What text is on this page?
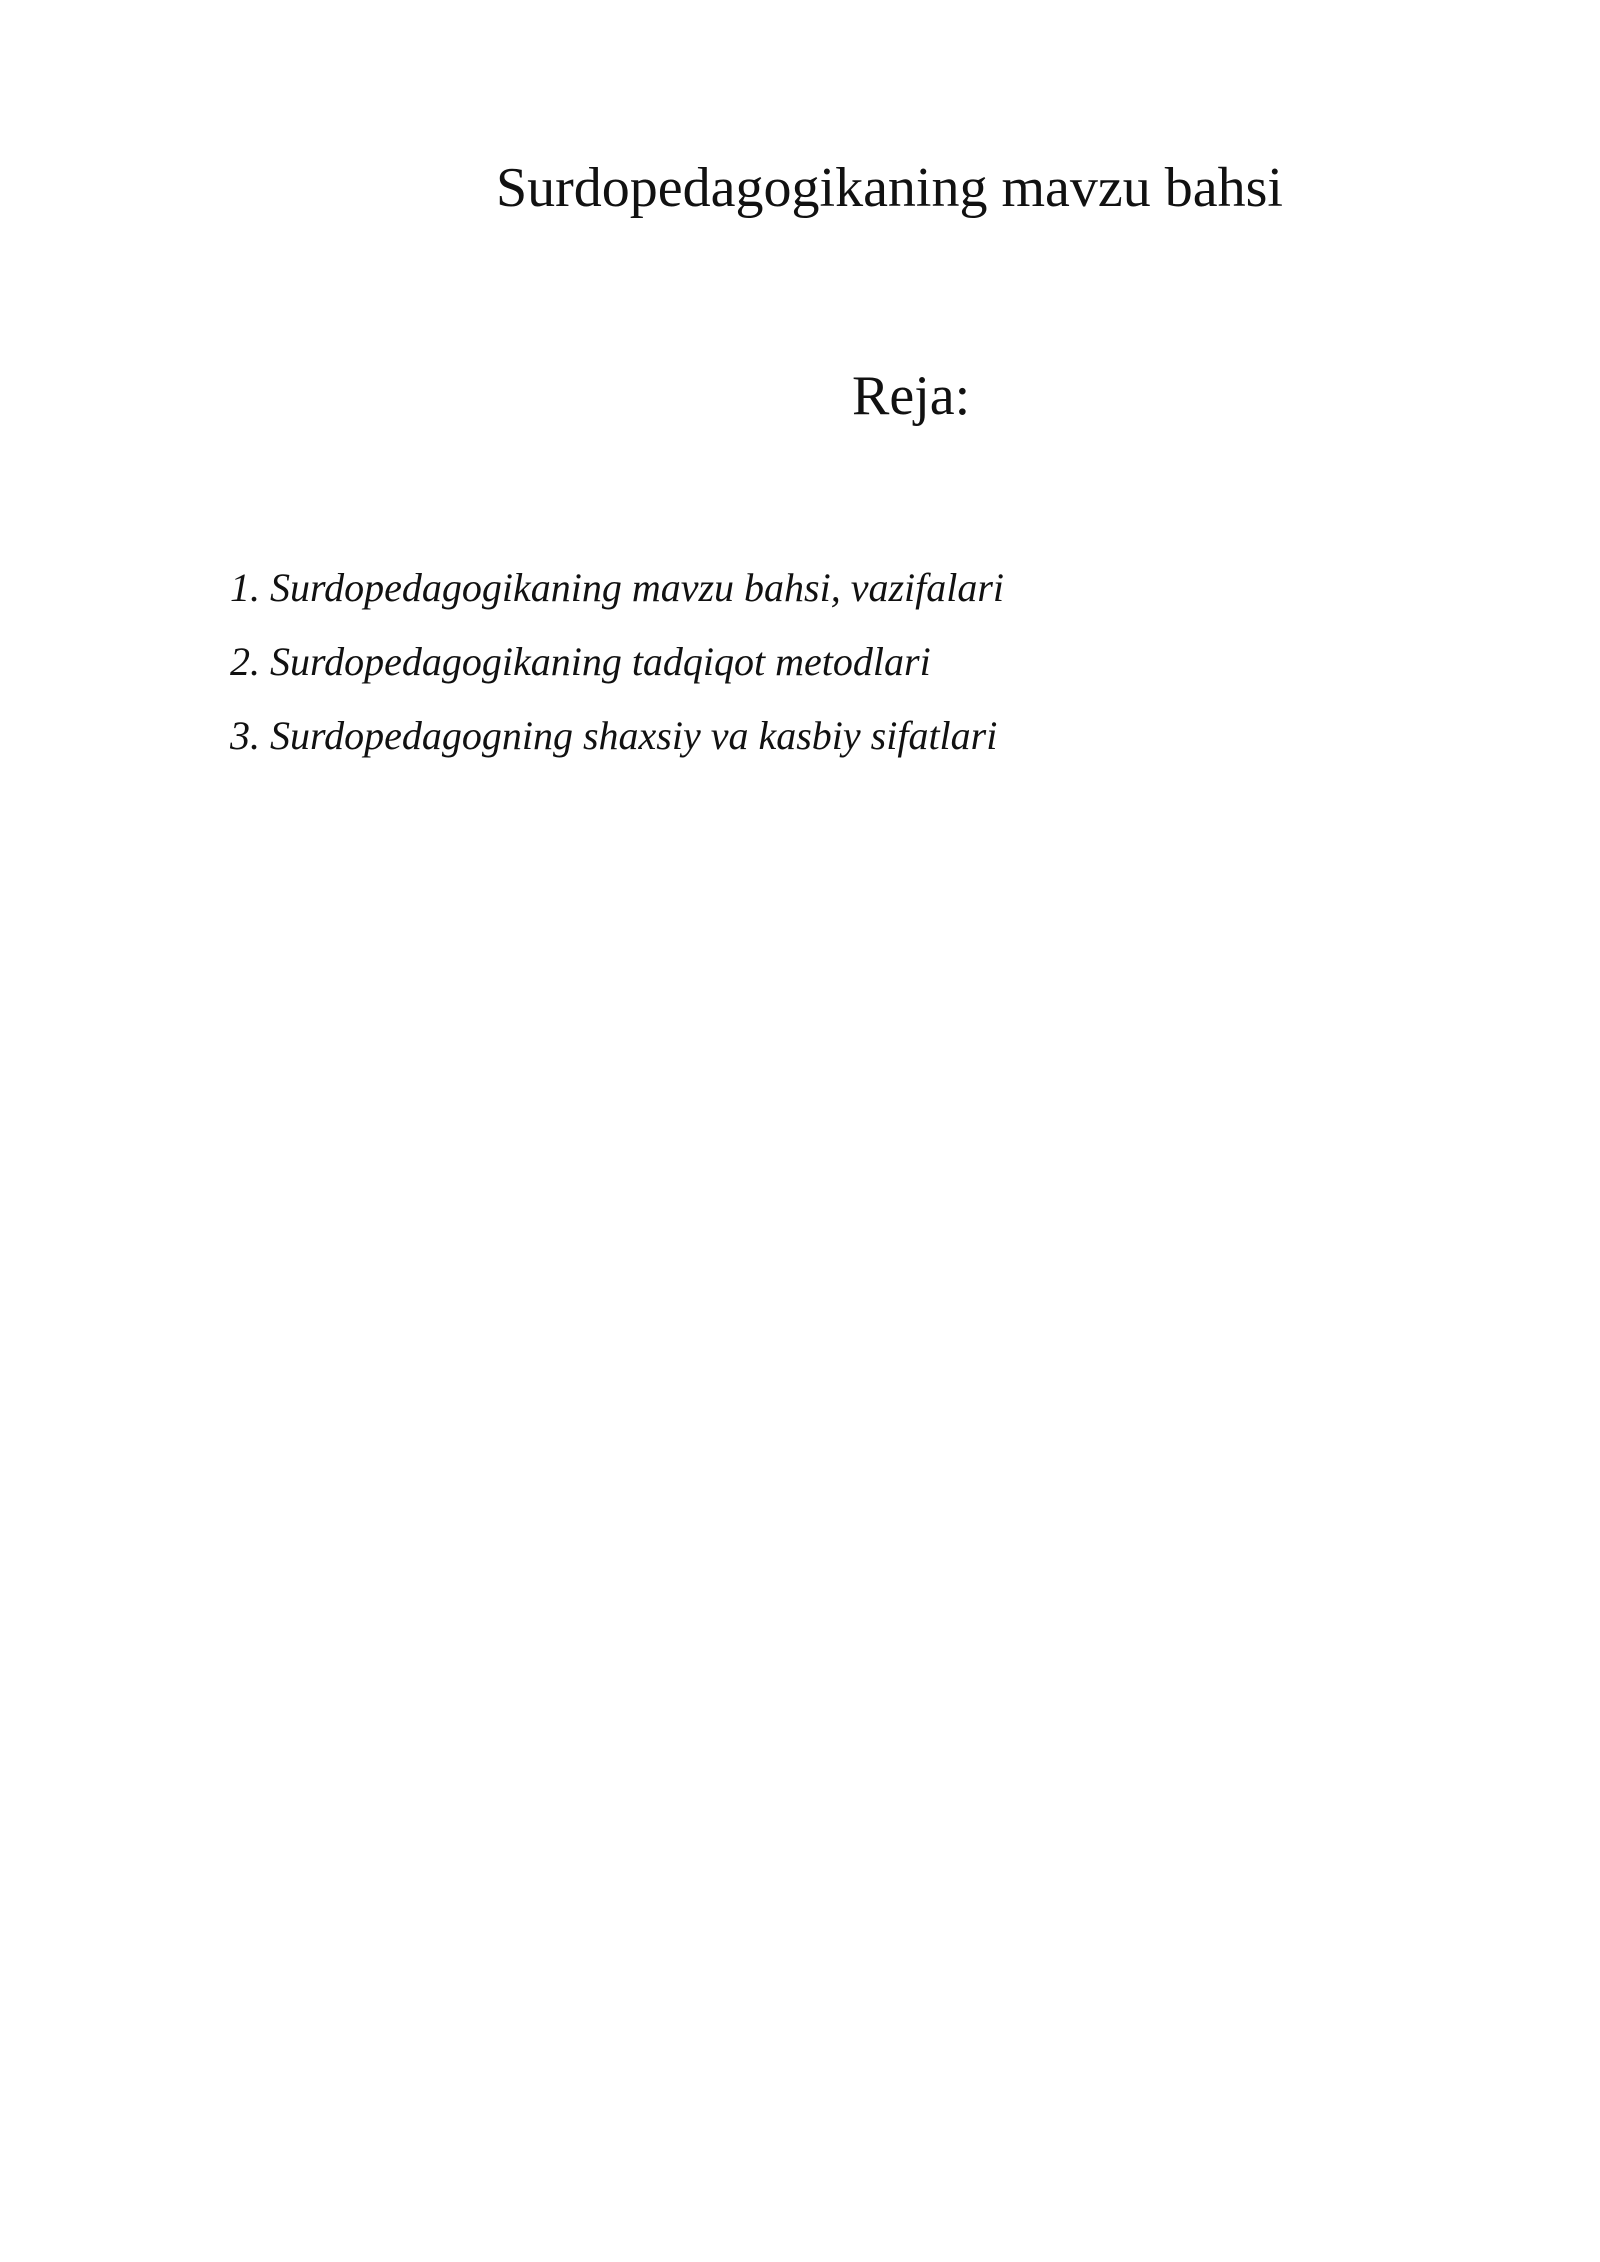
Surdopedagogikaning mavzu bahsi
Reja:
1. Surdopedagogikaning mavzu bahsi, vazifalari
2. Surdopedagogikaning tadqiqot metodlari
3. Surdopedagogning shaxsiy va kasbiy sifatlari
